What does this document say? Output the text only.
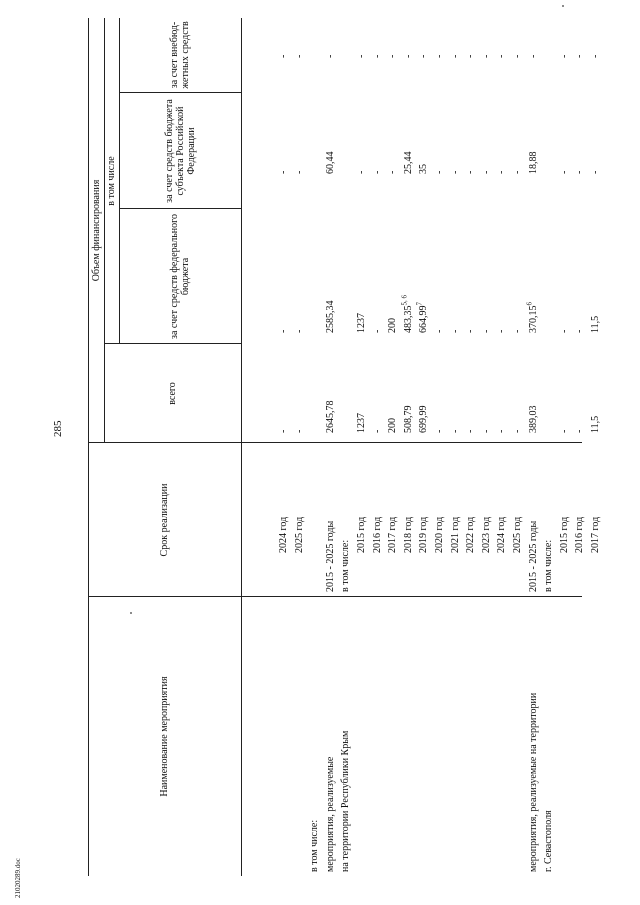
285
21020289.doc
Наименование мероприятия
Срок реализации
Объем финансирования
всего
в том числе
за счет средств федерального бюджета
за счет средств бюджета субъекта Российской Федерации
за счет внебюд-жетных средств
2024 год
-
-
-
-
2025 год
-
-
-
-
в том числе: мероприятия, реализуемые
2015 - 2025 годы
2645,78
2585,34
60,44
-
на территории Республики Крым
в том числе:
2015 год
1237
1237
-
-
2016 год
-
-
-
-
2017 год
200
200
-
-
2018 год
508,79
483,35$^{5, 6}$
25,44
-
2019 год
699,99
664,99$^7$
35
-
2020 год
-
-
-
-
2021 год
-
-
-
-
2022 год
-
-
-
-
2023 год
-
-
-
-
2024 год
-
-
-
-
2025 год
-
-
-
-
мероприятия, реализуемые на территории
2015 - 2025 годы
389,03
370,15$^6$
18,88
-
г. Севастополя
в том числе:
2015 год
-
-
-
-
2016 год
-
-
-
-
2017 год
11,5
11,5
-
-
